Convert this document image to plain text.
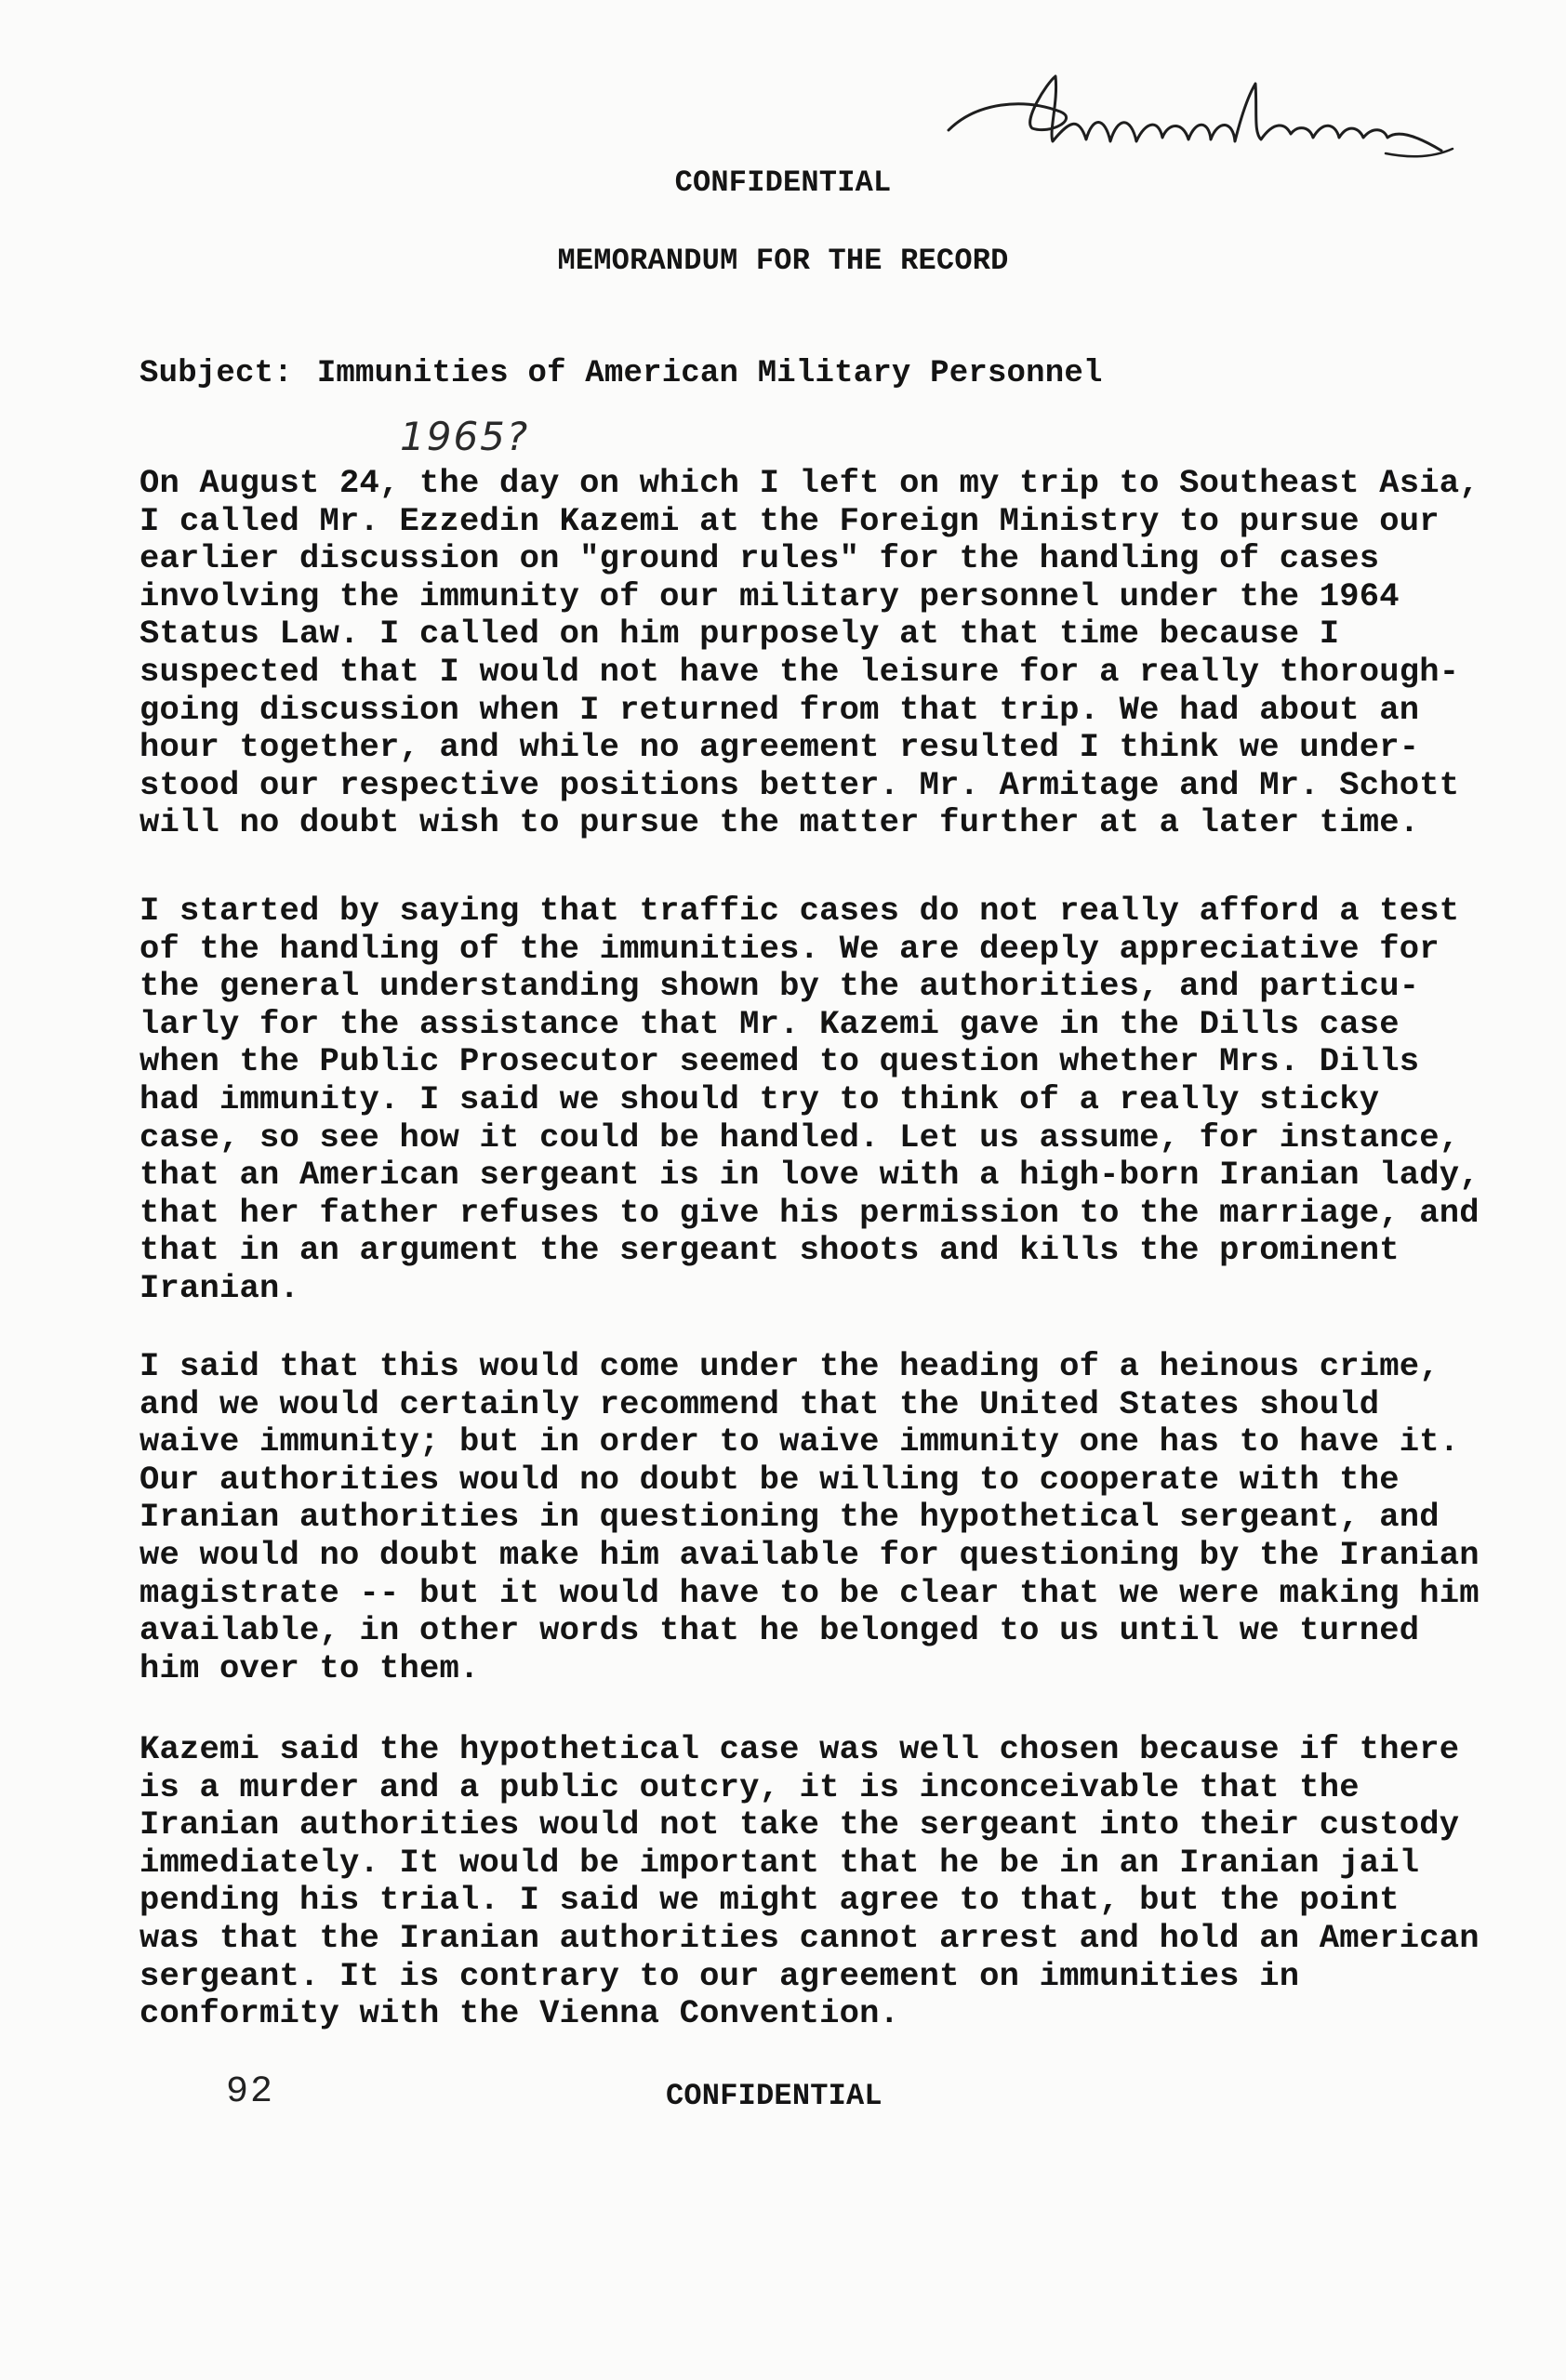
CONFIDENTIAL
MEMORANDUM FOR THE RECORD
Subject: Immunities of American Military Personnel
1965?
On August 24, the day on which I left on my trip to Southeast Asia,
I called Mr. Ezzedin Kazemi at the Foreign Ministry to pursue our
earlier discussion on "ground rules" for the handling of cases
involving the immunity of our military personnel under the 1964
Status Law. I called on him purposely at that time because I
suspected that I would not have the leisure for a really thorough-
going discussion when I returned from that trip. We had about an
hour together, and while no agreement resulted I think we under-
stood our respective positions better. Mr. Armitage and Mr. Schott
will no doubt wish to pursue the matter further at a later time.
I started by saying that traffic cases do not really afford a test
of the handling of the immunities. We are deeply appreciative for
the general understanding shown by the authorities, and particu-
larly for the assistance that Mr. Kazemi gave in the Dills case
when the Public Prosecutor seemed to question whether Mrs. Dills
had immunity. I said we should try to think of a really sticky
case, so see how it could be handled. Let us assume, for instance,
that an American sergeant is in love with a high-born Iranian lady,
that her father refuses to give his permission to the marriage, and
that in an argument the sergeant shoots and kills the prominent
Iranian.
I said that this would come under the heading of a heinous crime,
and we would certainly recommend that the United States should
waive immunity; but in order to waive immunity one has to have it.
Our authorities would no doubt be willing to cooperate with the
Iranian authorities in questioning the hypothetical sergeant, and
we would no doubt make him available for questioning by the Iranian
magistrate -- but it would have to be clear that we were making him
available, in other words that he belonged to us until we turned
him over to them.
Kazemi said the hypothetical case was well chosen because if there
is a murder and a public outcry, it is inconceivable that the
Iranian authorities would not take the sergeant into their custody
immediately. It would be important that he be in an Iranian jail
pending his trial. I said we might agree to that, but the point
was that the Iranian authorities cannot arrest and hold an American
sergeant. It is contrary to our agreement on immunities in
conformity with the Vienna Convention.
92	CONFIDENTIAL
